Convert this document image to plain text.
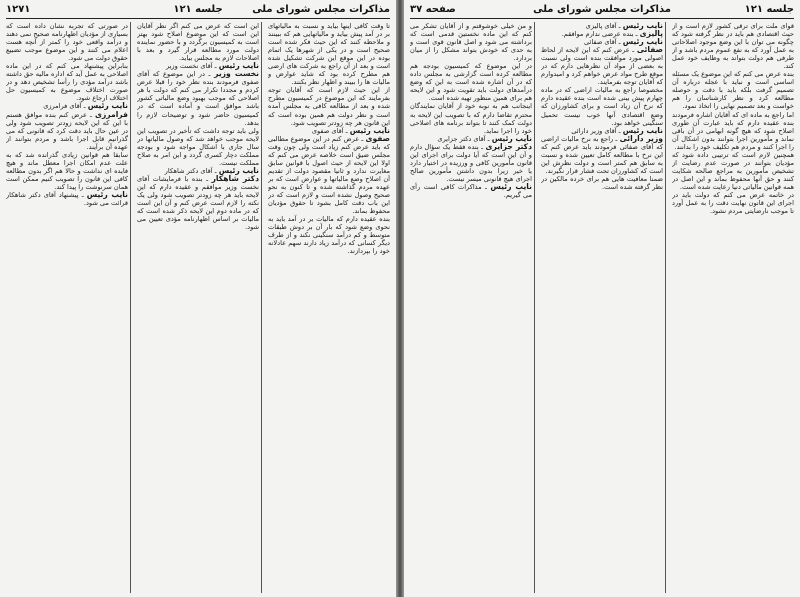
مذاکرات مجلس شورای ملی
جلسه ۱۲۱
۱۲۷۱

تا وقت کافی اینها بیاید و نسبت به مالیاتهای بر در آمد پیش بیاید و مالیاتهایی هم که ببینند و ملاحظه کنند که این حیث فکر شده است صحیح است و در یکی از شهرها یک اتمام بوده در این موقع این شرکت تشکیل شده است و بعد از آن راجع به شرکت های ارضی هم مطرح کرده بود که شاید عوارض و مالیات ها را ببیند و اظهار نظر بکنند.

از این حیث لازم است که آقایان توجه بفرمایند که این موضوع در کمیسیون مطرح شده و بعد از مطالعه کافی به مجلس آمده است و نظر دولت هم همین بوده است که این قانون هر چه زودتر تصویب شود.

نایب رئیس ـ آقای صفوی

صفوی ـ عرض کنم در این موضوع مطالبی که باید عرض کنم زیاد است ولی چون وقت مجلس ضیق است خلاصه عرض می کنم که اولا این لایحه از حیث اصول با قوانین سابق مغایرت ندارد و ثانیا مقصود دولت از تقدیم آن اصلاح وضع مالیاتها و عوارض است که بر عهده مردم گذاشته شده و تا کنون به نحو صحیح وصول نشده است و لازم است که در این باب دقت کامل بشود تا حقوق مؤدیان محفوظ بماند.

بنده عقیده دارم که مالیات بر در آمد باید به نحوی وضع شود که بار آن بر دوش طبقات متوسط و کم درآمد سنگینی نکند و از طرف دیگر کسانی که درآمد زیاد دارند سهم عادلانه خود را بپردازند.

این است که عرض می کنم اگر نظر آقایان این است که این موضوع اصلاح شود بهتر است به کمیسیون برگردد و با حضور نماینده دولت مورد مطالعه قرار گیرد و بعد با اصلاحات لازم به مجلس بیاید.

نایب رئیس ـ آقای نخست وزیر

نخست وزیر ـ در این موضوع که آقای صفوی فرمودند بنده نظر خود را قبلا عرض کردم و مجددا تکرار می کنم که دولت با هر اصلاحی که موجب بهبود وضع مالیاتی کشور باشد موافق است و آماده است که در کمیسیون حاضر شود و توضیحات لازم را بدهد.

ولی باید توجه داشت که تأخیر در تصویب این لایحه موجب خواهد شد که وصول مالیاتها در سال جاری با اشکال مواجه شود و بودجه مملکت دچار کسری گردد و این امر به صلاح مملکت نیست.

نایب رئیس ـ آقای دکتر شاهکار

دکتر شاهکار ـ بنده با فرمایشات آقای نخست وزیر موافقم و عقیده دارم که این لایحه باید هر چه زودتر تصویب شود ولی یک نکته را لازم است عرض کنم و آن این است که در ماده دوم این لایحه ذکر شده است که مالیات بر اساس اظهارنامه مؤدی تعیین می شود.

در صورتی که تجربه نشان داده است که بسیاری از مؤدیان اظهارنامه صحیح نمی دهند و درآمد واقعی خود را کمتر از آنچه هست اعلام می کنند و این موضوع موجب تضییع حقوق دولت می شود.

بنابراین پیشنهاد می کنم که در این ماده اصلاحی به عمل آید که اداره مالیه حق داشته باشد درآمد مؤدی را رأسا تشخیص دهد و در صورت اختلاف موضوع به کمیسیون حل اختلاف ارجاع شود.

نایب رئیس ـ آقای فرامرزی

فرامرزی ـ عرض کنم بنده موافق هستم با این که این لایحه زودتر تصویب شود ولی در عین حال باید دقت کرد که قانونی که می گذرانیم قابل اجرا باشد و مردم بتوانند از عهده آن برآیند.

سابقا هم قوانین زیادی گذرانده شد که به علت عدم امکان اجرا معطل ماند و هیچ فایده ای نداشت و حالا هم اگر بدون مطالعه کافی این قانون را تصویب کنیم ممکن است همان سرنوشت را پیدا کند.

نایب رئیس ـ پیشنهاد آقای دکتر شاهکار قرائت می شود.

جلسه ۱۲۱
مذاکرات مجلس شورای ملی
صفحه ۳۷

قوای ملت برای ترقی کشور لازم است و از حیث اقتصادی هم باید در نظر گرفته شود که چگونه می توان با این وضع موجود اصلاحاتی به عمل آورد که به نفع عموم مردم باشد و از طرفی هم دولت بتواند به وظایف خود عمل کند.

بنده عرض می کنم که این موضوع یک مسئله اساسی است و نباید با عجله درباره آن تصمیم گرفت بلکه باید با دقت و حوصله مطالعه کرد و نظر کارشناسان را هم خواست و بعد تصمیم نهایی را اتخاذ نمود.

اما راجع به ماده ای که آقایان اشاره فرمودند بنده عقیده دارم که باید عبارت آن طوری اصلاح شود که هیچ گونه ابهامی در آن باقی نماند و مأمورین اجرا بتوانند بدون اشکال آن را اجرا کنند و مردم هم تکلیف خود را بدانند.

همچنین لازم است که ترتیبی داده شود که مؤدیان بتوانند در صورت عدم رضایت از تشخیص مأمورین به مراجع صالحه شکایت کنند و حق آنها محفوظ بماند و این اصل در همه قوانین مالیاتی دنیا رعایت شده است.

در خاتمه عرض می کنم که دولت باید در اجرای این قانون نهایت دقت را به عمل آورد تا موجب نارضایتی مردم نشود.

نایب رئیس ـ آقای پالیزی

پالیزی ـ بنده عرضی ندارم موافقم.

نایب رئیس ـ آقای صفائی

صفائی ـ عرض کنم که این لایحه از لحاظ اصولی مورد موافقت بنده است ولی نسبت به بعضی از مواد آن نظرهایی دارم که در موقع طرح مواد عرض خواهم کرد و امیدوارم که آقایان توجه بفرمایند.

مخصوصا راجع به مالیات اراضی که در ماده چهارم پیش بینی شده است بنده عقیده دارم که نرخ آن زیاد است و برای کشاورزان که وضع اقتصادی آنها خوب نیست تحمیل سنگینی خواهد بود.

نایب رئیس ـ آقای وزیر دارائی

وزیر دارائی ـ راجع به نرخ مالیات اراضی که آقای صفائی فرمودند باید عرض کنم که این نرخ با مطالعه کامل تعیین شده و نسبت به سابق هم کمتر است و دولت نظرش این است که کشاورزان تحت فشار قرار نگیرند.

ضمنا معافیت هایی هم برای خرده مالکین در نظر گرفته شده است.

و من خیلی خوشوقتم و از آقایان تشکر می کنم که این ماده نخستین قدمی است که برداشته می شود و اصل قانون قوی است و به حدی که خودش بتواند مشکل را از میان بردارد.

در این موضوع که کمیسیون بودجه هم مطالعه کرده است گزارشی به مجلس داده که در آن اشاره شده است به این که وضع درآمدهای دولت باید تقویت شود و این لایحه هم برای همین منظور تهیه شده است.

اینجانب هم به نوبه خود از آقایان نمایندگان محترم تقاضا دارم که با تصویب این لایحه به دولت کمک کنند تا بتواند برنامه های اصلاحی خود را اجرا نماید.

نایب رئیس ـ آقای دکتر جزایری

دکتر جزایری ـ بنده فقط یک سؤال دارم و آن این است که آیا دولت برای اجرای این قانون مأمورین کافی و ورزیده در اختیار دارد یا خیر زیرا بدون داشتن مأمورین صالح اجرای هیچ قانونی میسر نیست.

نایب رئیس ـ مذاکرات کافی است رأی می گیریم.
